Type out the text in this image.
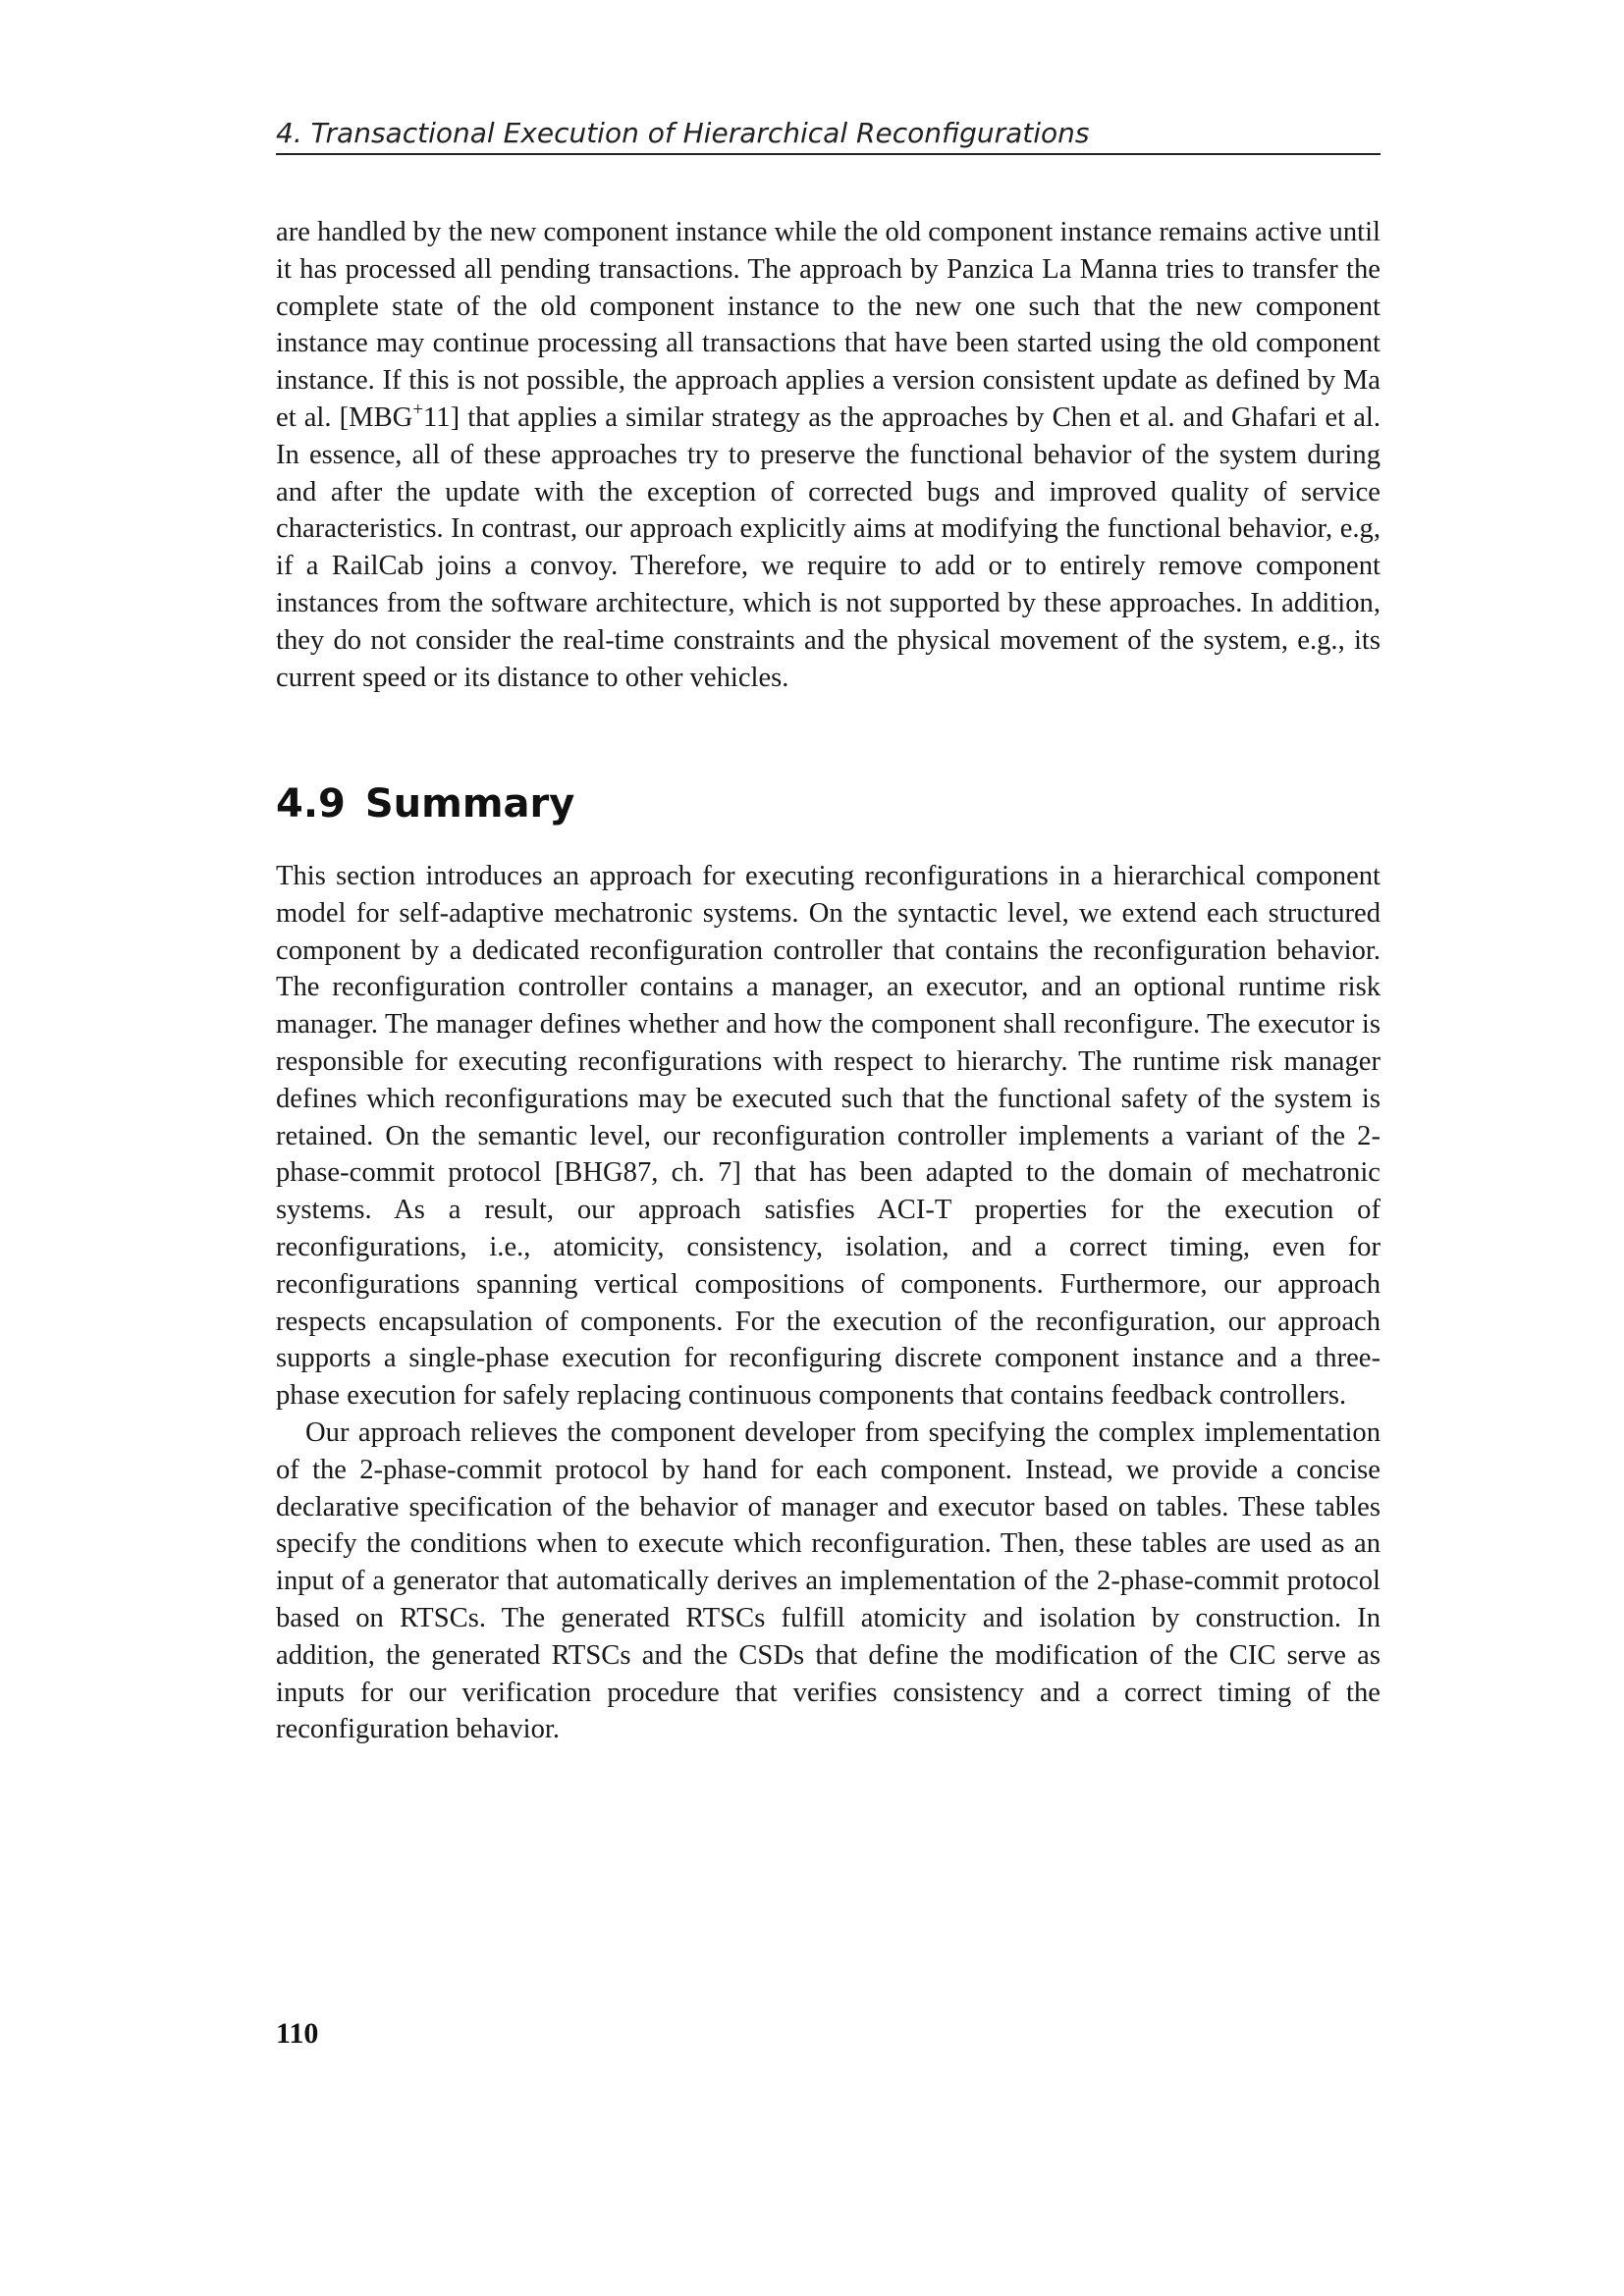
4. Transactional Execution of Hierarchical Reconfigurations

are handled by the new component instance while the old component instance remains active until it has processed all pending transactions. The approach by Panzica La Manna tries to transfer the complete state of the old component instance to the new one such that the new component instance may continue processing all transactions that have been started using the old component instance. If this is not possible, the approach applies a version consistent update as defined by Ma et al. [MBG+11] that applies a similar strategy as the approaches by Chen et al. and Ghafari et al. In essence, all of these approaches try to preserve the functional behavior of the system during and after the update with the exception of corrected bugs and improved quality of service characteristics. In contrast, our approach explicitly aims at modifying the functional behavior, e.g, if a RailCab joins a convoy. Therefore, we require to add or to entirely remove component instances from the software architecture, which is not supported by these approaches. In addition, they do not consider the real-time constraints and the physical movement of the system, e.g., its current speed or its distance to other vehicles.

4.9 Summary

This section introduces an approach for executing reconfigurations in a hierarchical component model for self-adaptive mechatronic systems. On the syntactic level, we extend each structured component by a dedicated reconfiguration controller that contains the reconfiguration behavior. The reconfiguration controller contains a manager, an executor, and an optional runtime risk manager. The manager defines whether and how the component shall reconfigure. The executor is responsible for executing reconfigurations with respect to hierarchy. The runtime risk manager defines which reconfigurations may be executed such that the functional safety of the system is retained. On the semantic level, our reconfiguration controller implements a variant of the 2-phase-commit protocol [BHG87, ch. 7] that has been adapted to the domain of mechatronic systems. As a result, our approach satisfies ACI-T properties for the execution of reconfigurations, i.e., atomicity, consistency, isolation, and a correct timing, even for reconfigurations spanning vertical compositions of components. Furthermore, our approach respects encapsulation of components. For the execution of the reconfiguration, our approach supports a single-phase execution for reconfiguring discrete component instance and a three-phase execution for safely replacing continuous components that contains feedback controllers.

Our approach relieves the component developer from specifying the complex implementation of the 2-phase-commit protocol by hand for each component. Instead, we provide a concise declarative specification of the behavior of manager and executor based on tables. These tables specify the conditions when to execute which reconfiguration. Then, these tables are used as an input of a generator that automatically derives an implementation of the 2-phase-commit protocol based on RTSCs. The generated RTSCs fulfill atomicity and isolation by construction. In addition, the generated RTSCs and the CSDs that define the modification of the CIC serve as inputs for our verification procedure that verifies consistency and a correct timing of the reconfiguration behavior.

110
